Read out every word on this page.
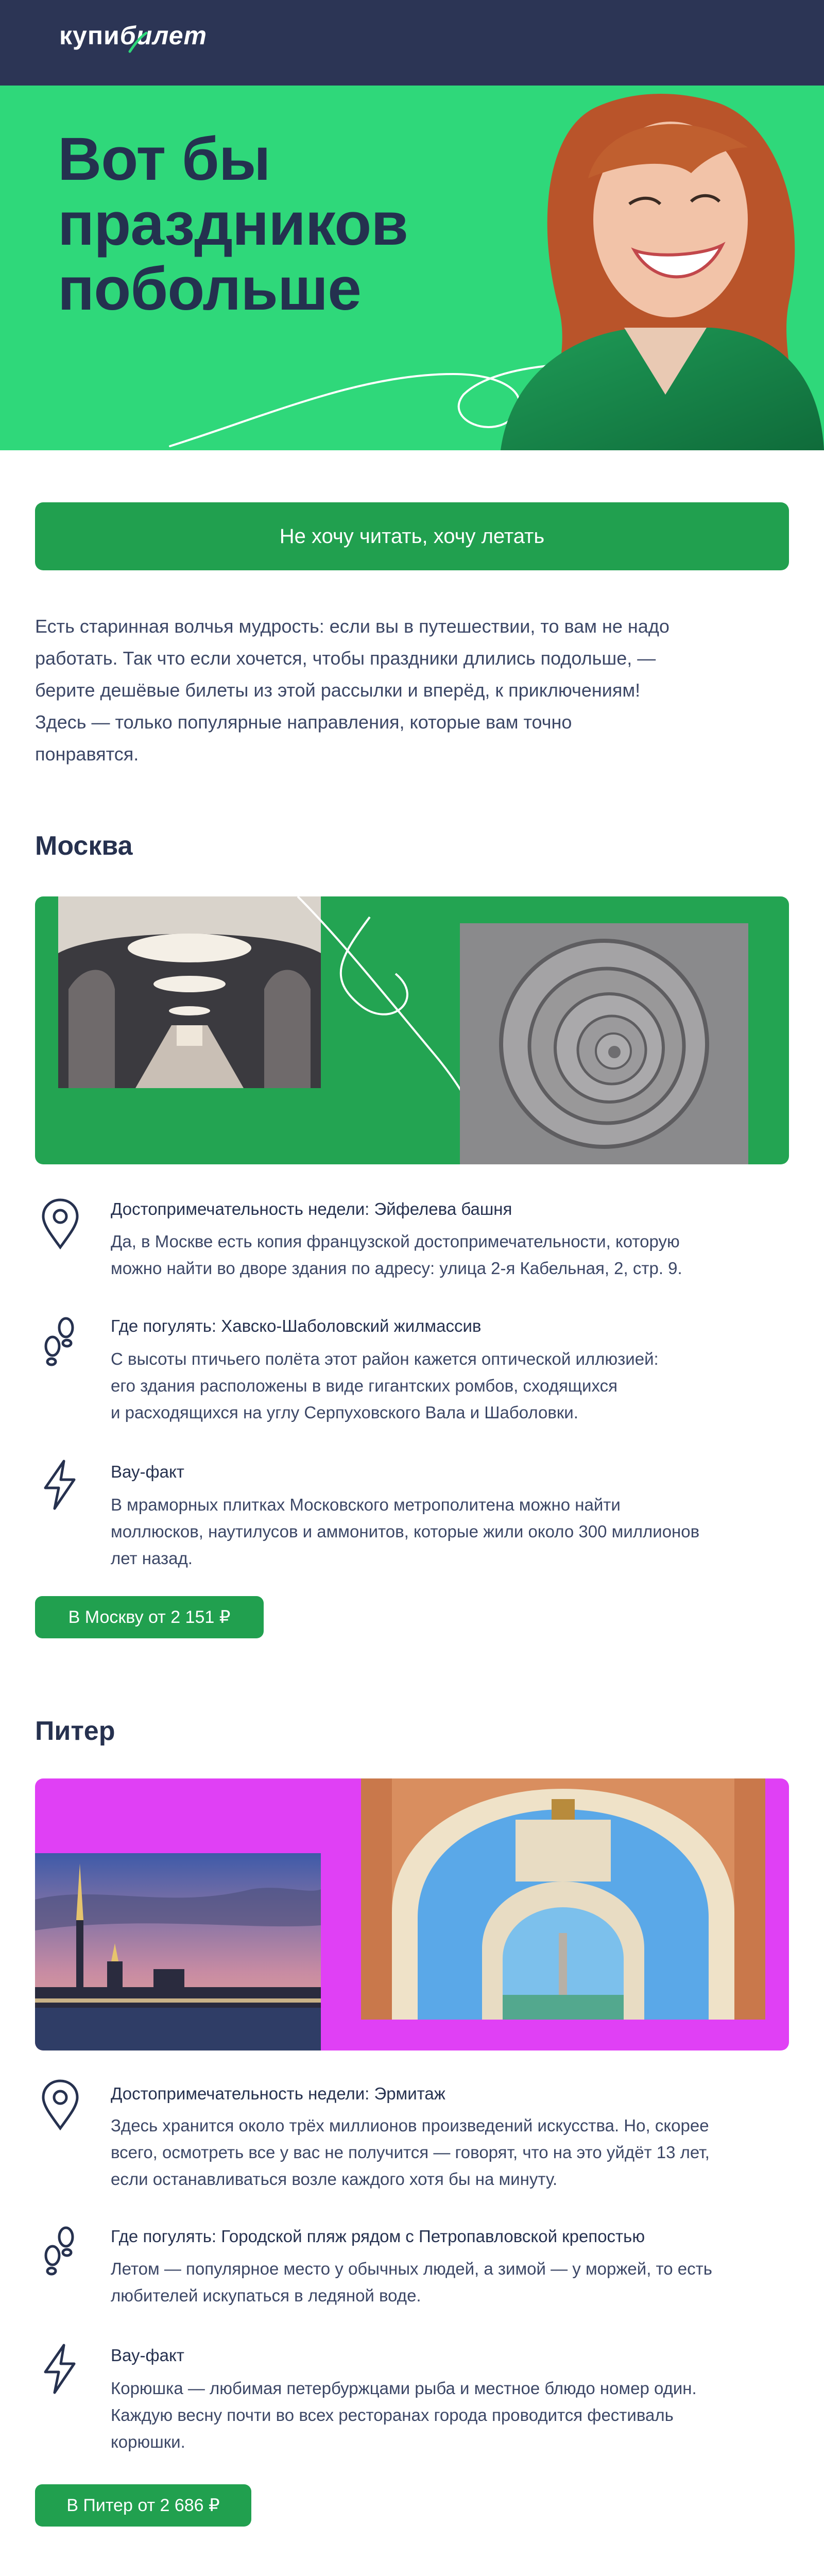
купибилет
Вот бы
праздников
побольше
Не хочу читать, хочу летать
Есть старинная волчья мудрость: если вы в путешествии, то вам не надо
работать. Так что если хочется, чтобы праздники длились подольше, —
берите дешёвые билеты из этой рассылки и вперёд, к приключениям!
Здесь — только популярные направления, которые вам точно
понравятся.
Москва
Достопримечательность недели: Эйфелева башня
Да, в Москве есть копия французской достопримечательности, которую
можно найти во дворе здания по адресу: улица 2-я Кабельная, 2, стр. 9.
Где погулять: Хавско-Шаболовский жилмассив
С высоты птичьего полёта этот район кажется оптической иллюзией:
его здания расположены в виде гигантских ромбов, сходящихся
и расходящихся на углу Серпуховского Вала и Шаболовки.
Вау-факт
В мраморных плитках Московского метрополитена можно найти
моллюсков, наутилусов и аммонитов, которые жили около 300 миллионов
лет назад.
В Москву от 2 151 ₽
Питер
Достопримечательность недели: Эрмитаж
Здесь хранится около трёх миллионов произведений искусства. Но, скорее
всего, осмотреть все у вас не получится — говорят, что на это уйдёт 13 лет,
если останавливаться возле каждого хотя бы на минуту.
Где погулять: Городской пляж рядом с Петропавловской крепостью
Летом — популярное место у обычных людей, а зимой — у моржей, то есть
любителей искупаться в ледяной воде.
Вау-факт
Корюшка — любимая петербуржцами рыба и местное блюдо номер один.
Каждую весну почти во всех ресторанах города проводится фестиваль
корюшки.
В Питер от 2 686 ₽
